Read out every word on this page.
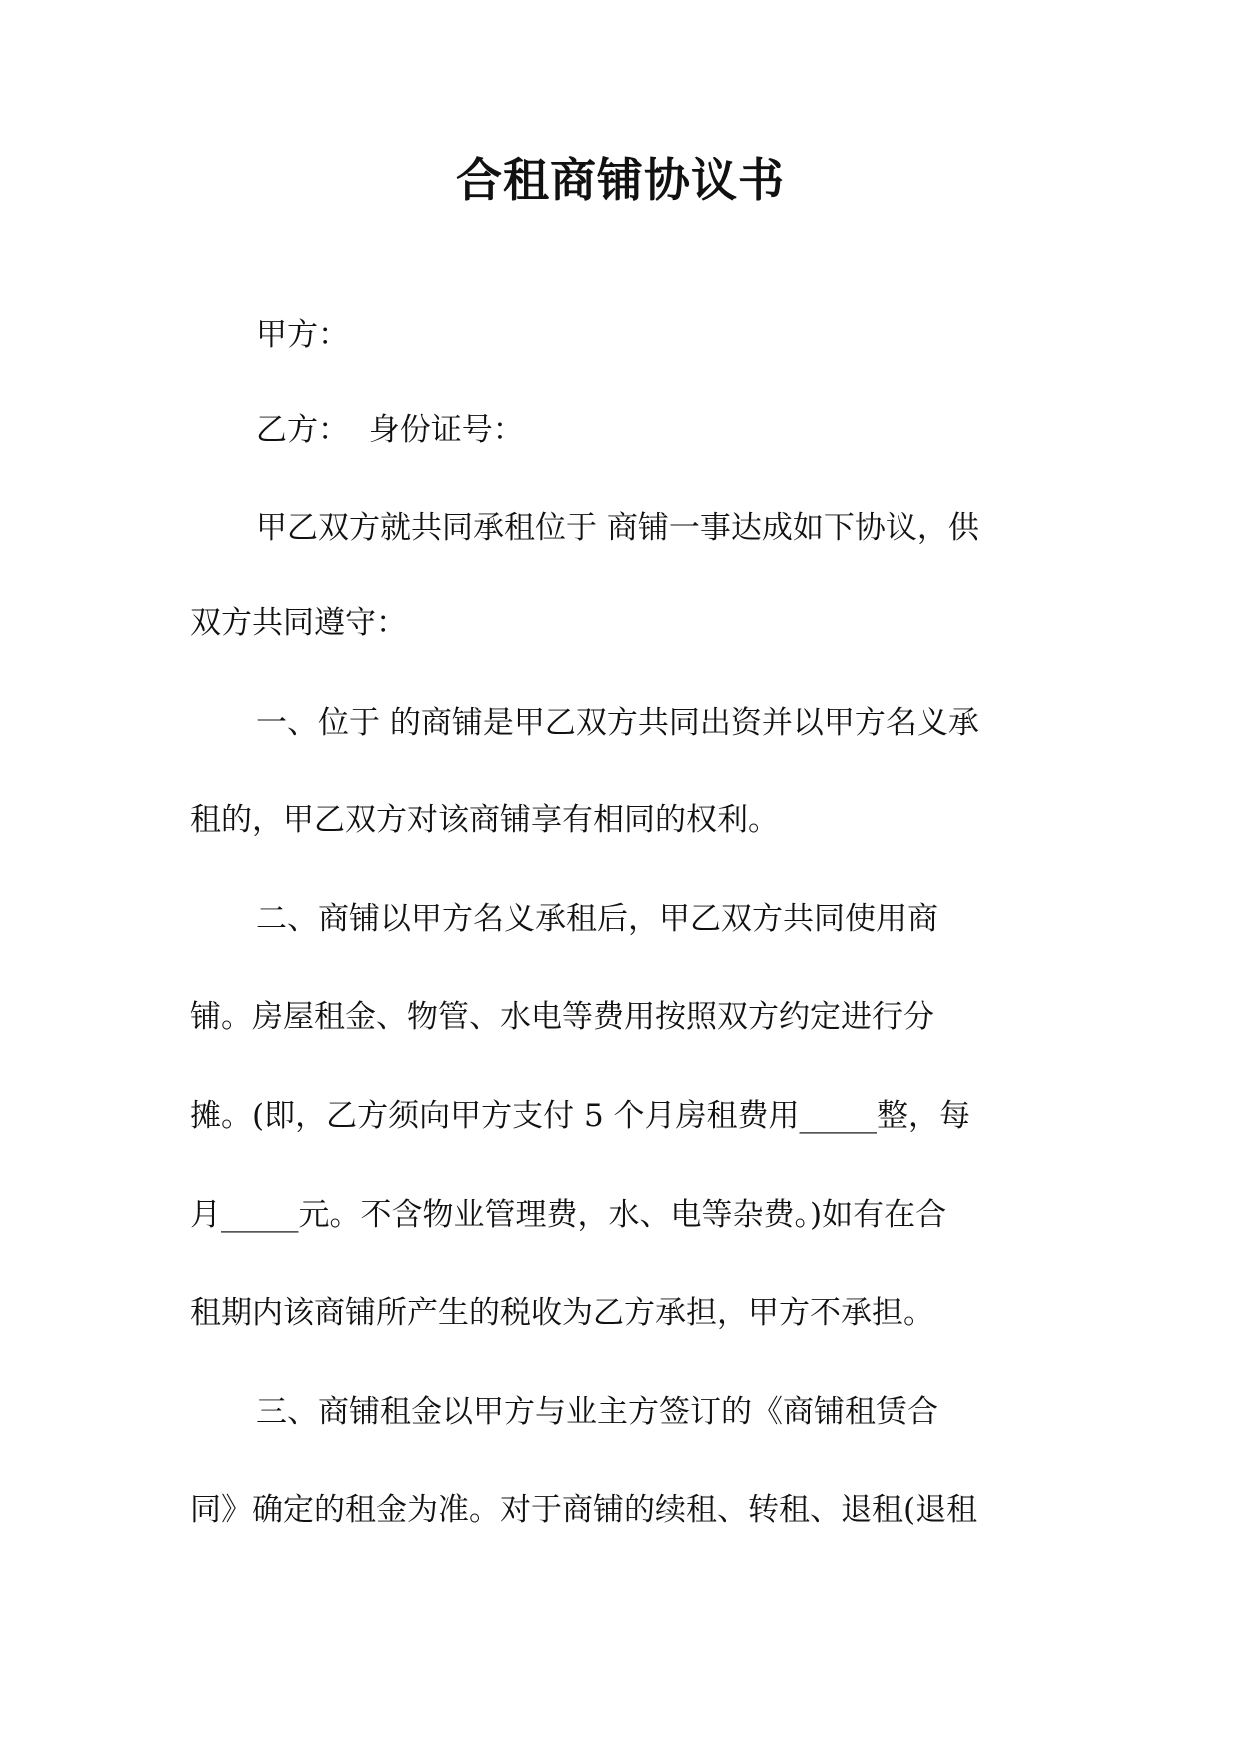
合租商铺协议书
甲方：
乙方：  身份证号：
甲乙双方就共同承租位于 商铺一事达成如下协议，供
双方共同遵守：
一、位于 的商铺是甲乙双方共同出资并以甲方名义承
租的，甲乙双方对该商铺享有相同的权利。
二、商铺以甲方名义承租后，甲乙双方共同使用商
铺。房屋租金、物管、水电等费用按照双方约定进行分
摊。(即，乙方须向甲方支付 5 个月房租费用_____整，每
月_____元。不含物业管理费，水、电等杂费。)如有在合
租期内该商铺所产生的税收为乙方承担，甲方不承担。
三、商铺租金以甲方与业主方签订的《商铺租赁合
同》确定的租金为准。对于商铺的续租、转租、退租(退租
